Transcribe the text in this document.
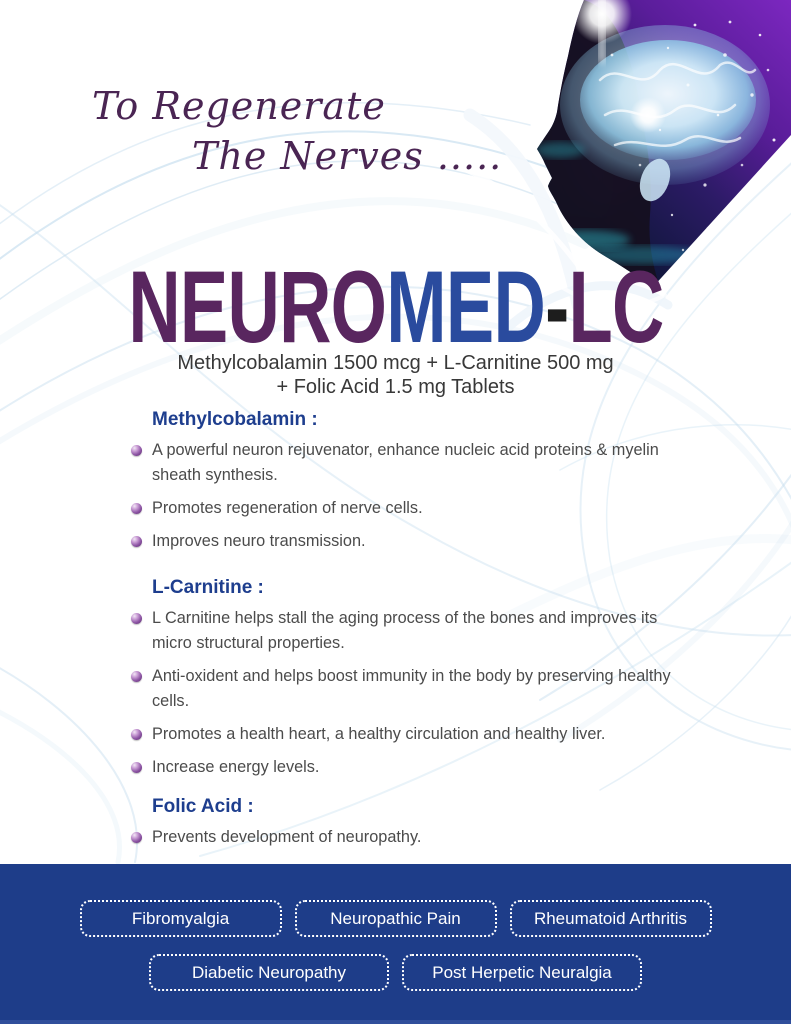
To Regenerate
The Nerves .....
NEUROMED-LC
Methylcobalamin 1500 mcg + L-Carnitine 500 mg
+ Folic Acid 1.5 mg Tablets
Methylcobalamin :
A powerful neuron rejuvenator, enhance nucleic acid proteins & myelin sheath synthesis.
Promotes regeneration of nerve cells.
Improves neuro transmission.
L-Carnitine :
L Carnitine helps stall the aging process of the bones and improves its micro structural properties.
Anti-oxident and helps boost immunity in the body by preserving healthy cells.
Promotes a health heart, a healthy circulation and healthy liver.
Increase energy levels.
Folic Acid :
Prevents development of neuropathy.
Fibromyalgia	Neuropathic Pain	Rheumatoid Arthritis
Diabetic Neuropathy	Post Herpetic Neuralgia
